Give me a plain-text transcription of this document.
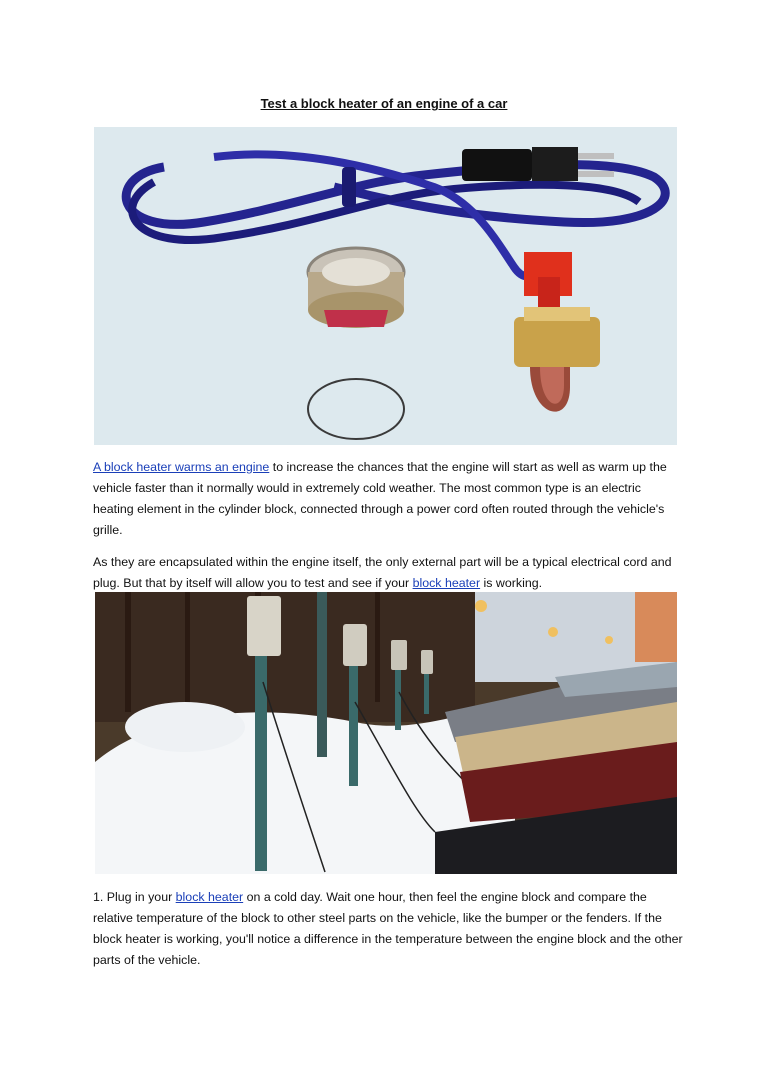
Test a block heater of an engine of a car
A block heater warms an engine to increase the chances that the engine will start as well as warm up the vehicle faster than it normally would in extremely cold weather. The most common type is an electric heating element in the cylinder block, connected through a power cord often routed through the vehicle's grille.
As they are encapsulated within the engine itself, the only external part will be a typical electrical cord and plug. But that by itself will allow you to test and see if your block heater is working.
1. Plug in your block heater on a cold day. Wait one hour, then feel the engine block and compare the relative temperature of the block to other steel parts on the vehicle, like the bumper or the fenders. If the block heater is working, you'll notice a difference in the temperature between the engine block and the other parts of the vehicle.
